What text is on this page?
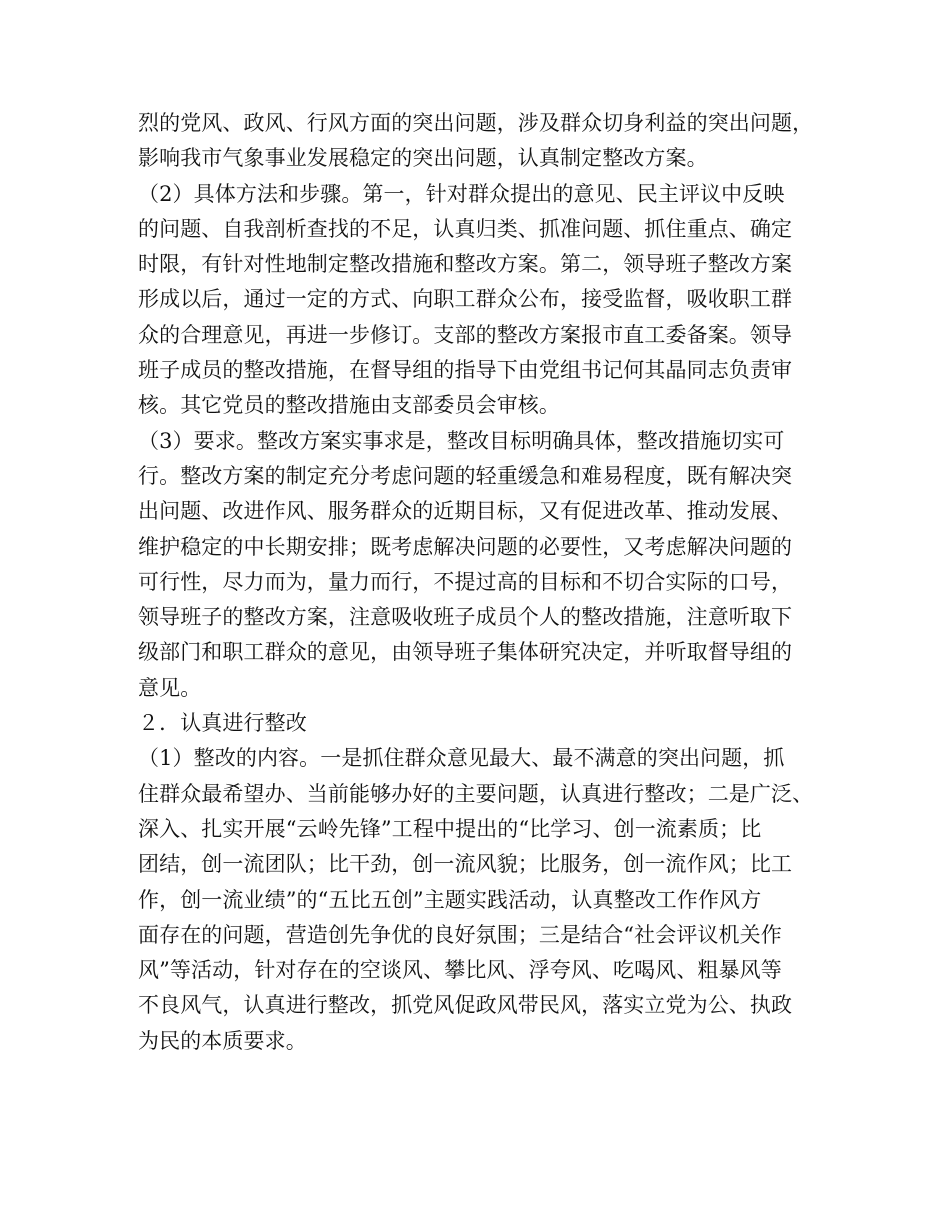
烈的党风、政风、行风方面的突出问题，涉及群众切身利益的突出问题，
影响我市气象事业发展稳定的突出问题，认真制定整改方案。
（2）具体方法和步骤。第一，针对群众提出的意见、民主评议中反映
的问题、自我剖析查找的不足，认真归类、抓准问题、抓住重点、确定
时限，有针对性地制定整改措施和整改方案。第二，领导班子整改方案
形成以后，通过一定的方式、向职工群众公布，接受监督，吸收职工群
众的合理意见，再进一步修订。支部的整改方案报市直工委备案。领导
班子成员的整改措施，在督导组的指导下由党组书记何其晶同志负责审
核。其它党员的整改措施由支部委员会审核。
（3）要求。整改方案实事求是，整改目标明确具体，整改措施切实可
行。整改方案的制定充分考虑问题的轻重缓急和难易程度，既有解决突
出问题、改进作风、服务群众的近期目标，又有促进改革、推动发展、
维护稳定的中长期安排；既考虑解决问题的必要性，又考虑解决问题的
可行性，尽力而为，量力而行，不提过高的目标和不切合实际的口号，
领导班子的整改方案，注意吸收班子成员个人的整改措施，注意听取下
级部门和职工群众的意见，由领导班子集体研究决定，并听取督导组的
意见。
２．认真进行整改
（1）整改的内容。一是抓住群众意见最大、最不满意的突出问题，抓
住群众最希望办、当前能够办好的主要问题，认真进行整改；二是广泛、
深入、扎实开展“云岭先锋”工程中提出的“比学习、创一流素质；比
团结，创一流团队；比干劲，创一流风貌；比服务，创一流作风；比工
作，创一流业绩”的“五比五创”主题实践活动，认真整改工作作风方
面存在的问题，营造创先争优的良好氛围；三是结合“社会评议机关作
风”等活动，针对存在的空谈风、攀比风、浮夸风、吃喝风、粗暴风等
不良风气，认真进行整改，抓党风促政风带民风，落实立党为公、执政
为民的本质要求。
